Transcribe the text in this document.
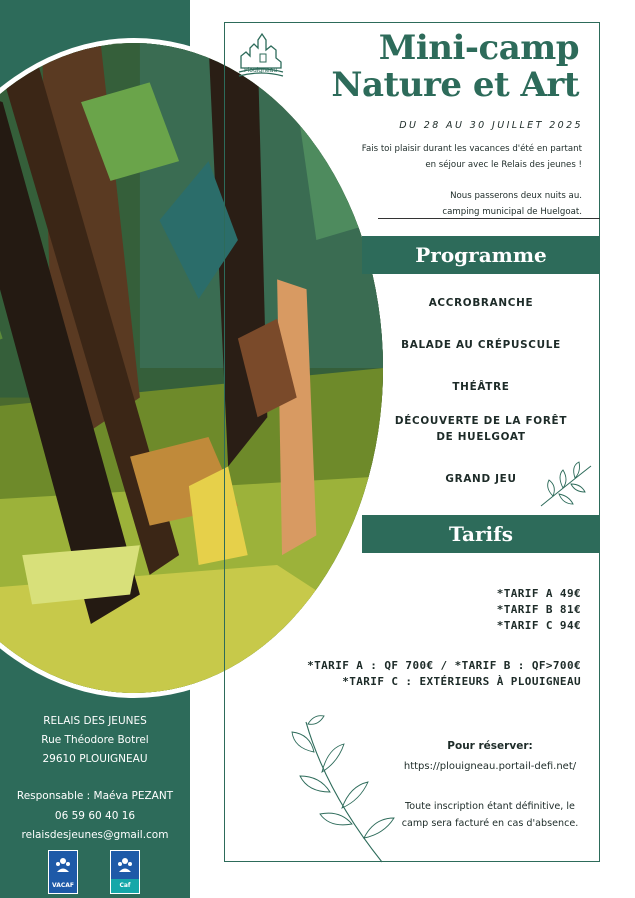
Plouigneau
Mini-camp
Nature et Art
DU 28 AU 30 JUILLET 2025

Fais toi plaisir durant les vacances d'été en partant

en séjour avec le Relais des jeunes !

Nous passerons deux nuits au.

camping municipal de Huelgoat.

Programme
ACCROBRANCHE
BALADE AU CRÉPUSCULE
THÉÂTRE
DÉCOUVERTE DE LA FORÊT DE HUELGOAT
GRAND JEU
Tarifs
*TARIF A 49€
*TARIF B 81€
*TARIF C 94€
*TARIF A : QF 700€ / *TARIF B : QF>700€
*TARIF C : EXTÉRIEURS À PLOUIGNEAU
Pour réserver:
https://plouigneau.portail-defi.net/
Toute inscription étant définitive, le
camp sera facturé en cas d'absence.
RELAIS DES JEUNES
Rue Théodore Botrel
29610 PLOUIGNEAU
Responsable : Maéva PEZANT
06 59 60 40 16
relaisdesjeunes@gmail.com
VACAF	Caf
